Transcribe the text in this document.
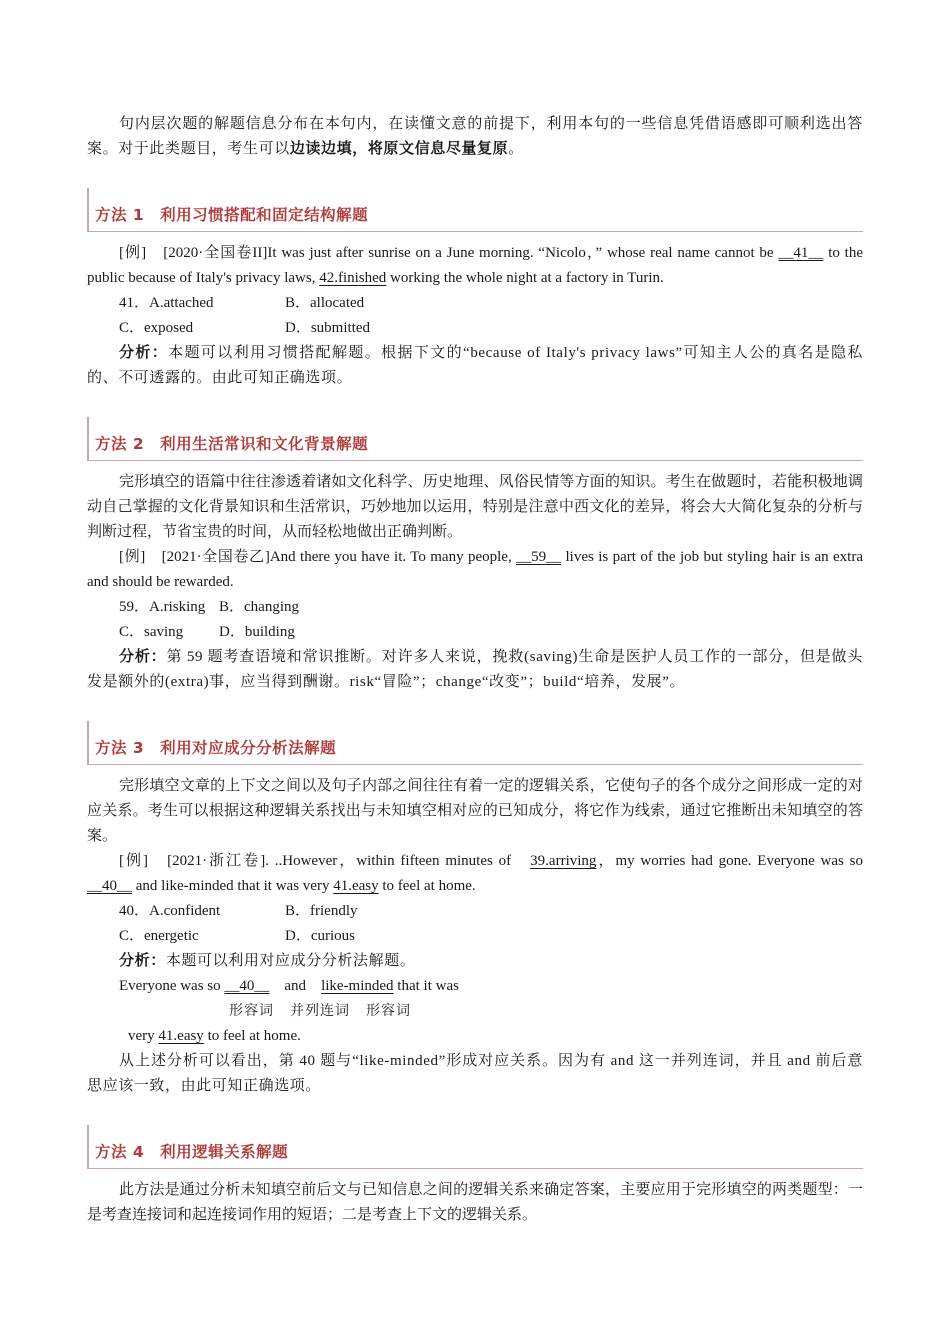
句内层次题的解题信息分布在本句内，在读懂文意的前提下，利用本句的一些信息凭借语感即可顺利选出答案。对于此类题目，考生可以边读边填，将原文信息尽量复原。

方法 1　利用习惯搭配和固定结构解题

[例]　 [2020·全国卷II]It was just after sunrise on a June morning. “Nicolo，” whose real name cannot be __41__ to the public because of Italy's privacy laws, 42.finished working the whole night at a factory in Turin.

41．A.attached	B．allocated
C．exposed	D．submitted

分析：本题可以利用习惯搭配解题。根据下文的“because of Italy's privacy laws”可知主人公的真名是隐私的、不可透露的。由此可知正确选项。

方法 2　利用生活常识和文化背景解题

完形填空的语篇中往往渗透着诸如文化科学、历史地理、风俗民情等方面的知识。考生在做题时，若能积极地调动自己掌握的文化背景知识和生活常识，巧妙地加以运用，特别是注意中西文化的差异，将会大大简化复杂的分析与判断过程，节省宝贵的时间，从而轻松地做出正确判断。

[例]　 [2021·全国卷乙]And there you have it. To many people, __59__ lives is part of the job but styling hair is an extra and should be rewarded.

59．A.risking B．changing
C．saving	D．building

分析：第 59 题考查语境和常识推断。对许多人来说，挽救(saving)生命是医护人员工作的一部分，但是做头发是额外的(extra)事，应当得到酬谢。risk“冒险”；change“改变”；build“培养，发展”。

方法 3　利用对应成分分析法解题

完形填空文章的上下文之间以及句子内部之间往往有着一定的逻辑关系，它使句子的各个成分之间形成一定的对应关系。考生可以根据这种逻辑关系找出与未知填空相对应的已知成分，将它作为线索，通过它推断出未知填空的答案。

[例]　 [2021·浙江卷]. ..However，within fifteen minutes of　39.arriving，my worries had gone. Everyone was so __40__ and like-minded that it was very 41.easy to feel at home.

40．A.confident	B．friendly
C．energetic	D．curious

分析：本题可以利用对应成分分析法解题。

Everyone was so __40__　and　like-minded that it was

形容词 并列连词 形容词

very 41.easy to feel at home.

从上述分析可以看出，第 40 题与“like-minded”形成对应关系。因为有 and 这一并列连词，并且 and 前后意思应该一致，由此可知正确选项。

方法 4　利用逻辑关系解题

此方法是通过分析未知填空前后文与已知信息之间的逻辑关系来确定答案，主要应用于完形填空的两类题型：一是考查连接词和起连接词作用的短语；二是考查上下文的逻辑关系。
